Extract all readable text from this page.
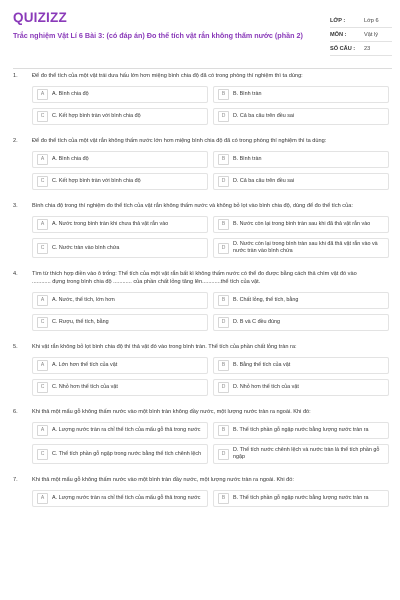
QUIZIZZ
Trắc nghiệm Vật Lí 6 Bài 3: (có đáp án) Đo thể tích vật rắn không thấm nước (phần 2)
LỚP :	Lớp 6
MÔN :	Vật lý
SỐ CÂU :	23
1.	Để đo thể tích của một vật trái dưa hấu lớn hơn miệng bình chia độ đã có trong phòng thí nghiệm thì ta dùng:
A	A. Bình chia độ	B	B. Bình tràn
C	C. Kết hợp bình tràn với bình chia độ	D	D. Cả ba câu trên đều sai
2.	Để đo thể tích của một vật rắn không thấm nước lớn hơn miệng bình chia độ đã có trong phòng thí nghiệm thì ta dùng:
A	A. Bình chia độ	B	B. Bình tràn
C	C. Kết hợp bình tràn với bình chia độ	D	D. Cả ba câu trên đều sai
3.	Bình chia độ trong thí nghiệm đo thể tích của vật rắn không thấm nước và không bỏ lọt vào bình chia độ, dùng để đo thể tích của:
A	A. Nước trong bình tràn khi chưa thả vật rắn vào	B	B. Nước còn lại trong bình tràn sau khi đã thả vật rắn vào
C	C. Nước tràn vào bình chứa	D
D. Nước còn lại trong bình tràn sau khi đã thả vật rắn vào và nước tràn vào bình chứa
4.	Tìm từ thích hợp điền vào ô trống: Thể tích của một vật rắn bất kì không thấm nước có thể đo được bằng cách thả chìm vật đó vào ............ đựng trong bình chia độ ............ của phần chất lỏng tăng lên............thể tích của vật.
A	A. Nước, thể tích, lớn hơn	B	B. Chất lỏng, thể tích, bằng
C	C. Rượu, thể tích, bằng	D	D. B và C đều đúng
5.	Khi vật rắn không bỏ lọt bình chia độ thì thả vật đó vào trong bình tràn. Thể tích của phần chất lỏng tràn ra:
A	A. Lớn hơn thể tích của vật	B	B. Bằng thể tích của vật
C	C. Nhỏ hơn thể tích của vật	D	D. Nhỏ hơn thể tích của vật
6.	Khi thả một mẩu gỗ không thấm nước vào một bình tràn không đầy nước, một lượng nước tràn ra ngoài. Khi đó:
A	A. Lượng nước tràn ra chỉ thể tích của mẩu gỗ thả trong nước	B	B. Thể tích phần gỗ ngập nước bằng lượng nước tràn ra
C	C. Thể tích phần gỗ ngập trong nước bằng thể tích chênh lệch	D
D. Thể tích nước chênh lệch và nước tràn là thể tích phần gỗ ngập
7.	Khi thả một mẩu gỗ không thấm nước vào một bình tràn đầy nước, một lượng nước tràn ra ngoài. Khi đó:
A	A. Lượng nước tràn ra chỉ thể tích của mẩu gỗ thả trong nước	B	B. Thể tích phần gỗ ngập nước bằng lượng nước tràn ra
